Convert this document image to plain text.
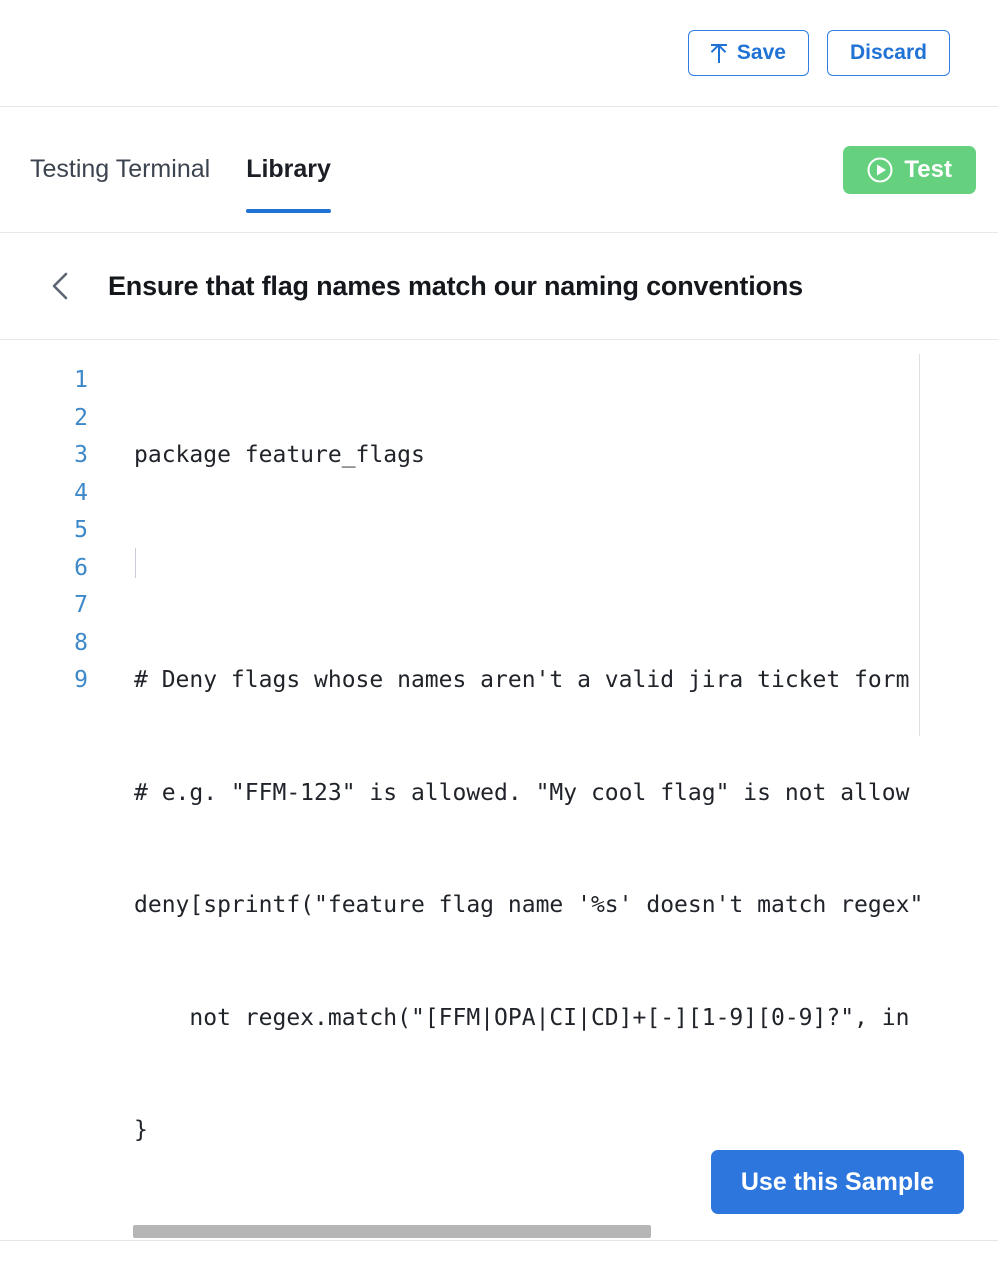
Save	Discard
Testing Terminal Library	Test
Ensure that flag names match our naming conventions
1
2
3
4
5
6
7
8
9

package feature_flags

# Deny flags whose names aren't a valid jira ticket form

# e.g. "FFM-123" is allowed. "My cool flag" is not allow

deny[sprintf("feature flag name '%s' doesn't match regex"

not regex.match("[FFM|OPA|CI|CD]+[-][1-9][0-9]?", in

}

Use this Sample
